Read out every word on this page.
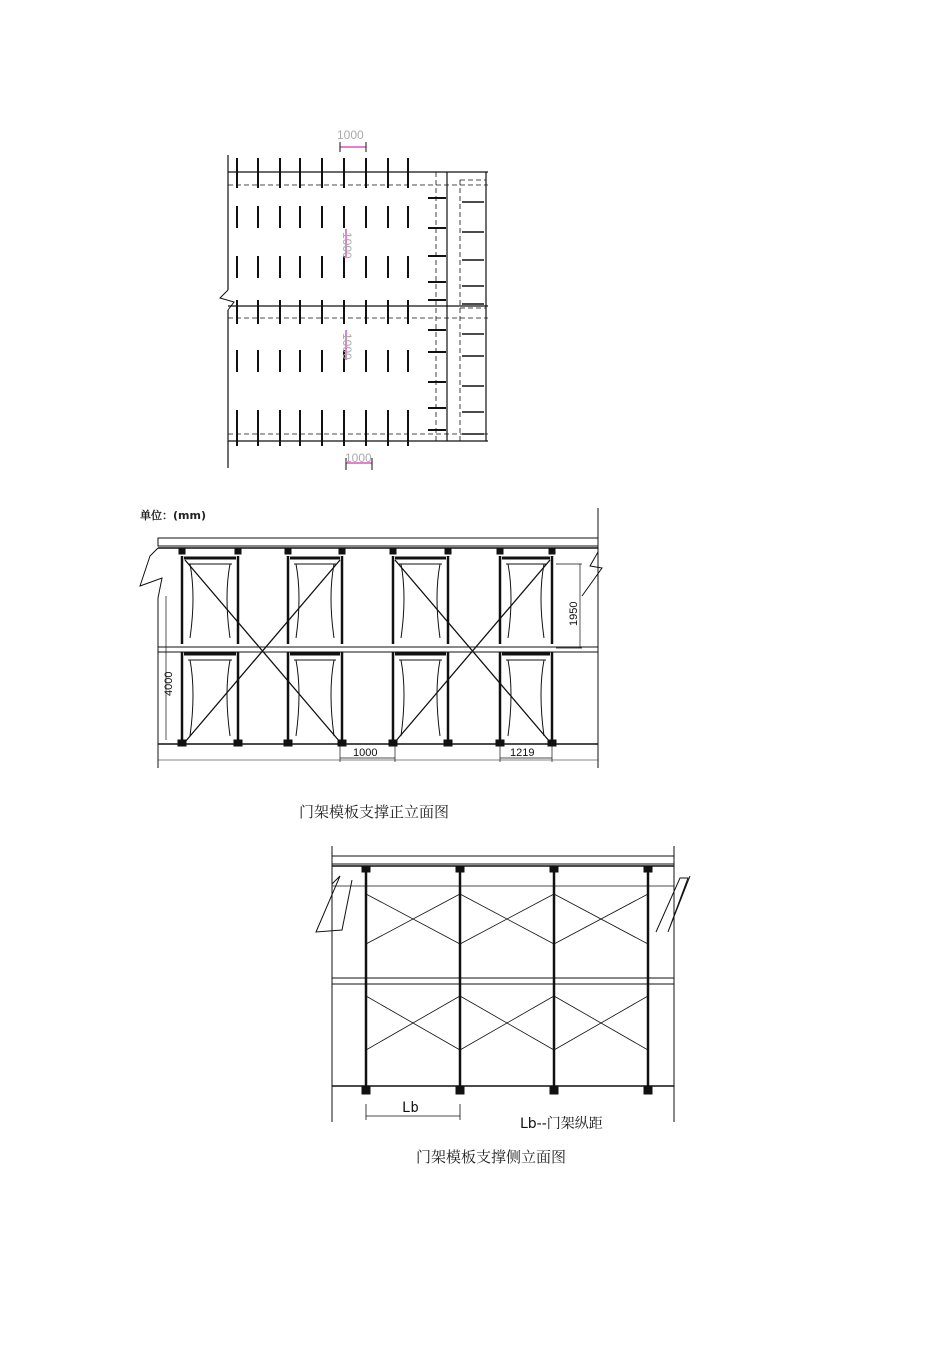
1000
1000
1000
1000
单位：(mm)
4000
1950
1000	1219
门架模板支撑正立面图
Lb
Lb--门架纵距
门架模板支撑侧立面图
